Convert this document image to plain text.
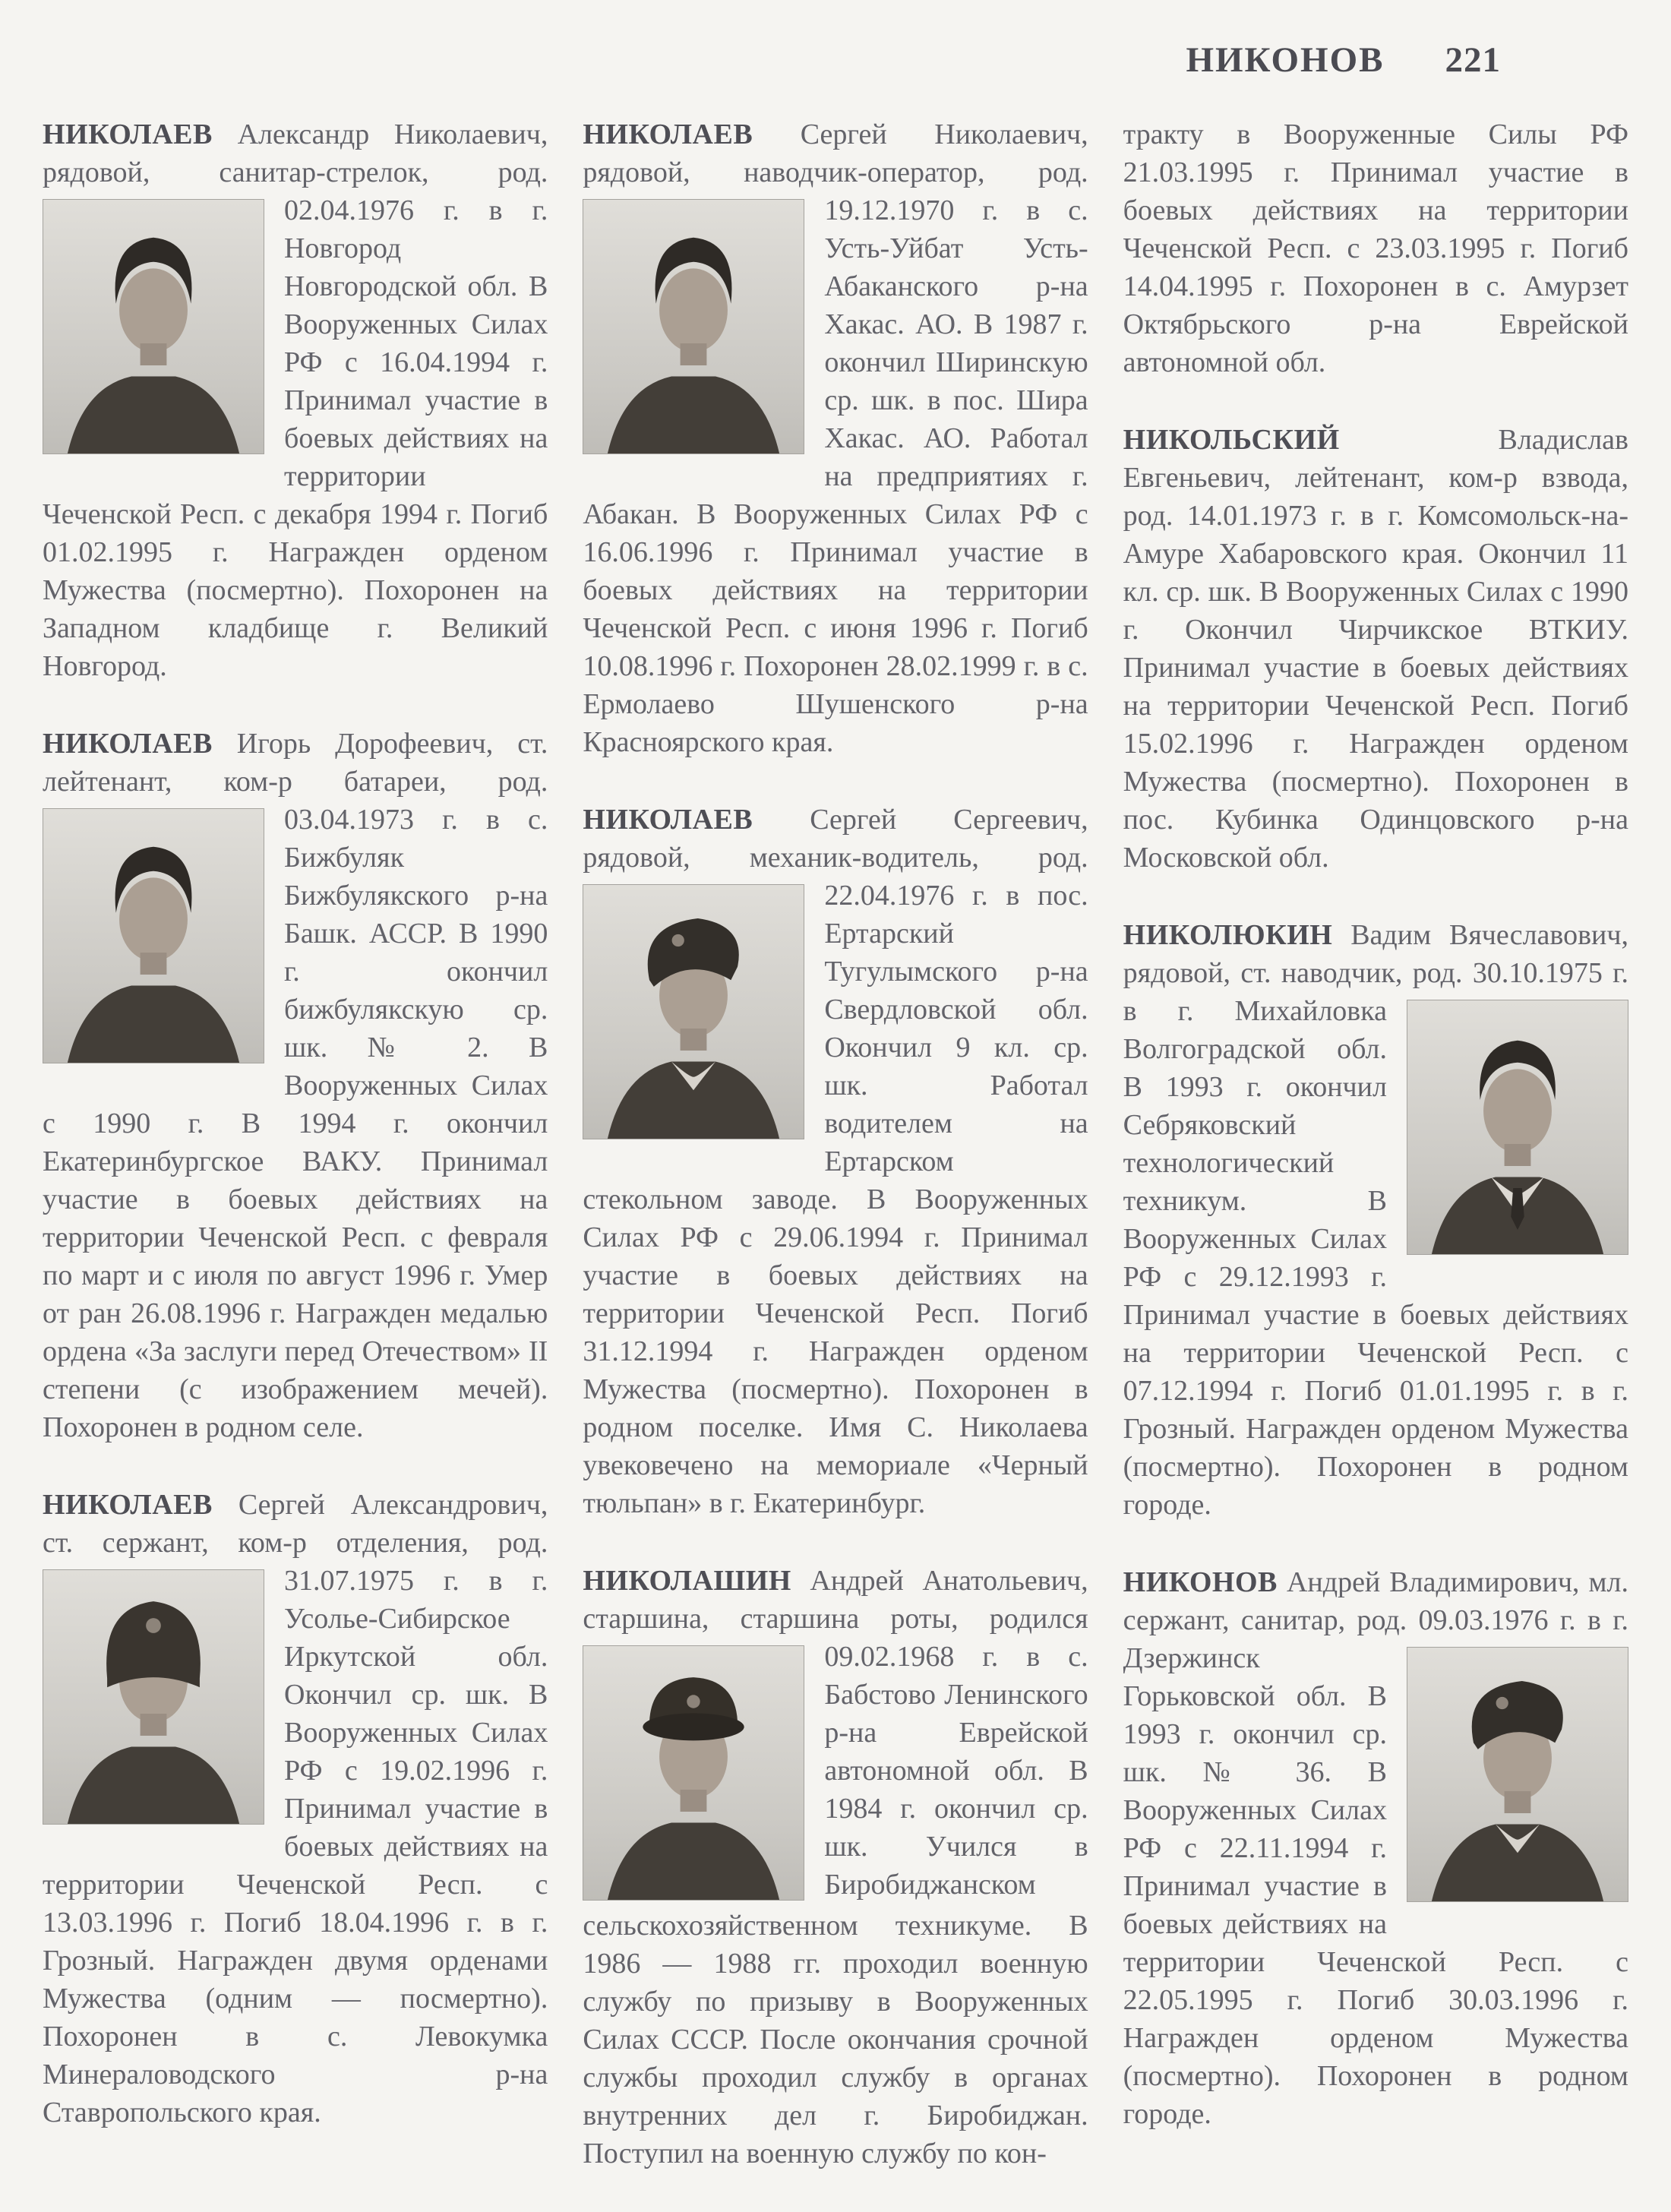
НИКОНОВ 221

НИКОЛАЕВ Александр Николаевич, рядовой, санитар-стрелок, род.
02.04.1976 г. в г. Новгород Новгородской обл. В Вооруженных Силах РФ с 16.04.1994 г. Принимал участие в боевых действиях на территории Чеченской Респ. с декабря 1994 г. Погиб 01.02.1995 г. Награжден орденом Мужества (посмертно). Похоронен на Западном кладбище г. Великий Новгород.

НИКОЛАЕВ Игорь Дорофеевич, ст. лейтенант, ком-р батареи, род.
03.04.1973 г. в с. Бижбуляк Бижбулякского р-на Башк. АССР. В 1990 г. окончил бижбулякскую ср. шк. № 2. В Вооруженных Силах с 1990 г. В 1994 г. окончил Екатеринбургское ВАКУ. Принимал участие в боевых действиях на территории Чеченской Респ. с февраля по март и с июля по август 1996 г. Умер от ран 26.08.1996 г. Награжден медалью ордена «За заслуги перед Отечеством» II степени (с изображением мечей). Похоронен в родном селе.

НИКОЛАЕВ Сергей Александрович, ст. сержант, ком-р отделения, род.
31.07.1975 г. в г. Усолье-Сибирское Иркутской обл. Окончил ср. шк. В Вооруженных Силах РФ с 19.02.1996 г. Принимал участие в боевых действиях на территории Чеченской Респ. с 13.03.1996 г. Погиб 18.04.1996 г. в г. Грозный. Награжден двумя орденами Мужества (одним — посмертно). Похоронен в с. Левокумка Минераловодского р-на Ставропольского края.

НИКОЛАЕВ Сергей Николаевич, рядовой, наводчик-оператор, род.
19.12.1970 г. в с. Усть-Уйбат Усть-Абаканского р-на Хакас. АО. В 1987 г. окончил Ширинскую ср. шк. в пос. Шира Хакас. АО. Работал на предприятиях г. Абакан. В Вооруженных Силах РФ с 16.06.1996 г. Принимал участие в боевых действиях на территории Чеченской Респ. с июня 1996 г. Погиб 10.08.1996 г. Похоронен 28.02.1999 г. в с. Ермолаево Шушенского р-на Красноярского края.

НИКОЛАЕВ Сергей Сергеевич, рядовой, механик-водитель, род.
22.04.1976 г. в пос. Ертарский Тугулымского р-на Свердловской обл. Окончил 9 кл. ср. шк. Работал водителем на Ертарском стекольном заводе. В Вооруженных Силах РФ с 29.06.1994 г. Принимал участие в боевых действиях на территории Чеченской Респ. Погиб 31.12.1994 г. Награжден орденом Мужества (посмертно). Похоронен в родном поселке. Имя С. Николаева увековечено на мемориале «Черный тюльпан» в г. Екатеринбург.

НИКОЛАШИН Андрей Анатольевич, старшина, старшина роты, родился
09.02.1968 г. в с. Бабстово Ленинского р-на Еврейской автономной обл. В 1984 г. окончил ср. шк. Учился в Биробиджанском сельскохозяйственном техникуме. В 1986 — 1988 гг. проходил военную службу по призыву в Вооруженных Силах СССР. После окончания срочной службы проходил службу в органах внутренних дел г. Биробиджан. Поступил на военную службу по кон-

тракту в Вооруженные Силы РФ 21.03.1995 г. Принимал участие в боевых действиях на территории Чеченской Респ. с 23.03.1995 г. Погиб 14.04.1995 г. Похоронен в с. Амурзет Октябрьского р-на Еврейской автономной обл.

НИКОЛЬСКИЙ	Владислав Евгеньевич, лейтенант, ком-р взвода, род. 14.01.1973 г. в г. Комсомольск-на-Амуре Хабаровского края. Окончил 11 кл. ср. шк. В Вооруженных Силах с 1990 г. Окончил Чирчикское ВТКИУ. Принимал участие в боевых действиях на территории Чеченской Респ. Погиб 15.02.1996 г. Награжден орденом Мужества (посмертно). Похоронен в пос. Кубинка Одинцовского р-на Московской обл.

НИКОЛЮКИН Вадим Вячеславович, рядовой, ст. наводчик, род.
30.10.1975 г. в г. Михайловка Волгоградской обл. В 1993 г. окончил Себряковский технологический техникум. В Вооруженных Силах РФ с 29.12.1993 г. Принимал участие в боевых действиях на территории Чеченской Респ. с 07.12.1994 г. Погиб 01.01.1995 г. в г. Грозный. Награжден орденом Мужества (посмертно). Похоронен в родном городе.

НИКОНОВ Андрей Владимирович, мл. сержант, санитар, род.
09.03.1976 г. в г. Дзержинск Горьковской обл. В 1993 г. окончил ср. шк. № 36. В Вооруженных Силах РФ с 22.11.1994 г. Принимал участие в боевых действиях на территории Чеченской Респ. с 22.05.1995 г. Погиб 30.03.1996 г. Награжден орденом Мужества (посмертно). Похоронен в родном городе.
